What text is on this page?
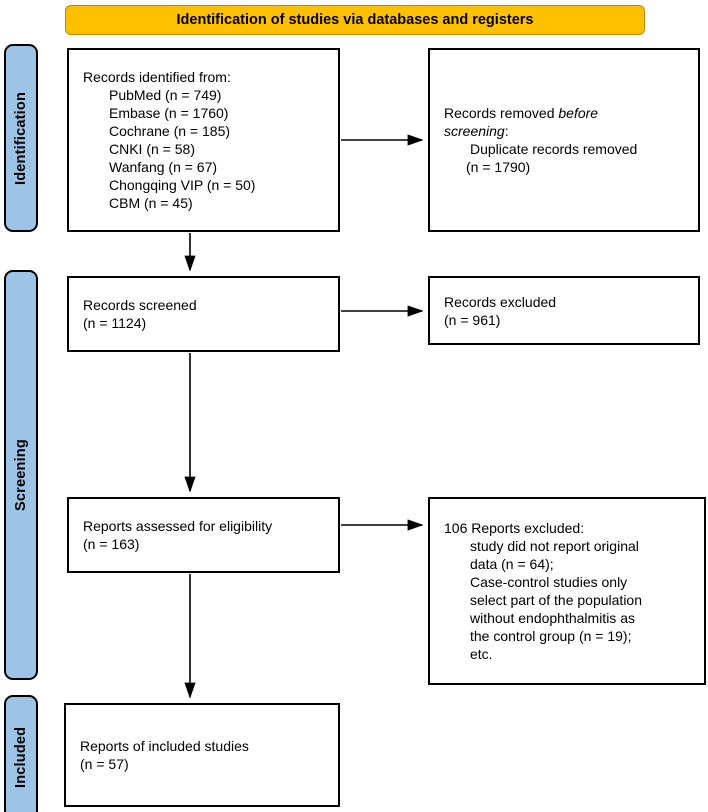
Identification of studies via databases and registers
Identification
Screening
Included
Records identified from:
PubMed (n = 749)
Embase (n = 1760)
Cochrane (n = 185)
CNKI (n = 58)
Wanfang (n = 67)
Chongqing VIP (n = 50)
CBM (n = 45)
Records removed before
screening:
Duplicate records removed
(n = 1790)
Records screened
(n = 1124)
Records excluded
(n = 961)
Reports assessed for eligibility
(n = 163)
106 Reports excluded:
study did not report original
data (n = 64);
Case-control studies only
select part of the population
without endophthalmitis as
the control group (n = 19);
etc.
Reports of included studies
(n = 57)
